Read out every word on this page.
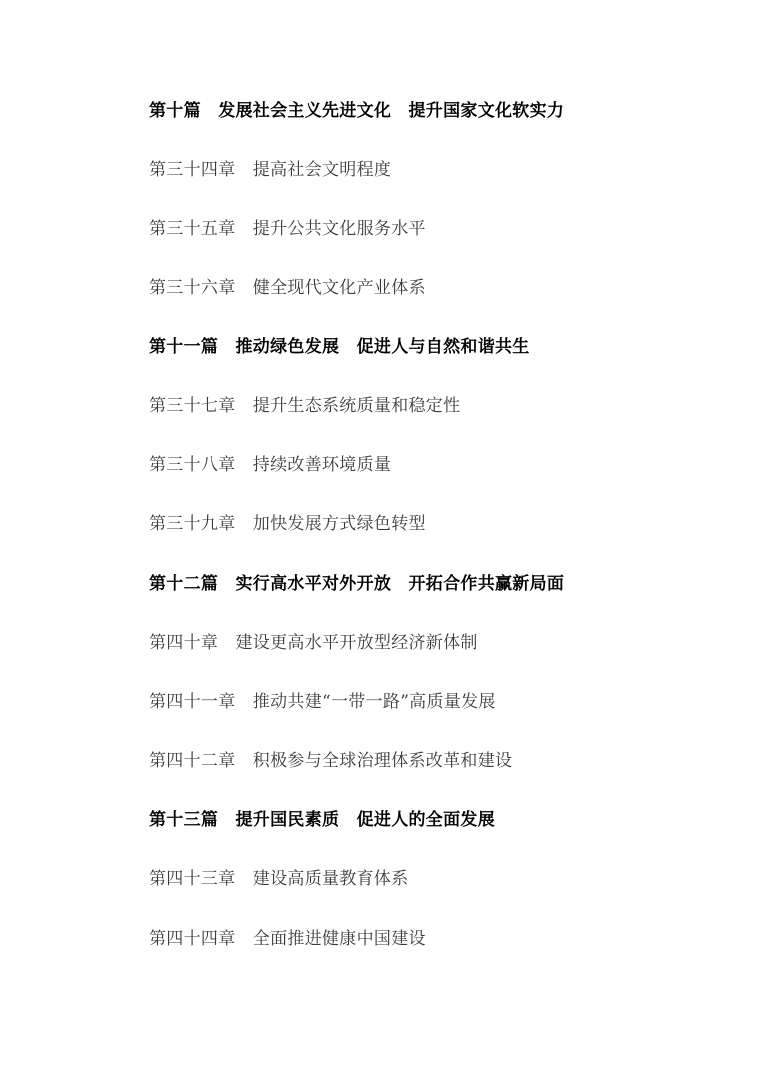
第十篇　发展社会主义先进文化　提升国家文化软实力
第三十四章　提高社会文明程度
第三十五章　提升公共文化服务水平
第三十六章　健全现代文化产业体系
第十一篇　推动绿色发展　促进人与自然和谐共生
第三十七章　提升生态系统质量和稳定性
第三十八章　持续改善环境质量
第三十九章　加快发展方式绿色转型
第十二篇　实行高水平对外开放　开拓合作共赢新局面
第四十章　建设更高水平开放型经济新体制
第四十一章　推动共建“一带一路”高质量发展
第四十二章　积极参与全球治理体系改革和建设
第十三篇　提升国民素质　促进人的全面发展
第四十三章　建设高质量教育体系
第四十四章　全面推进健康中国建设
